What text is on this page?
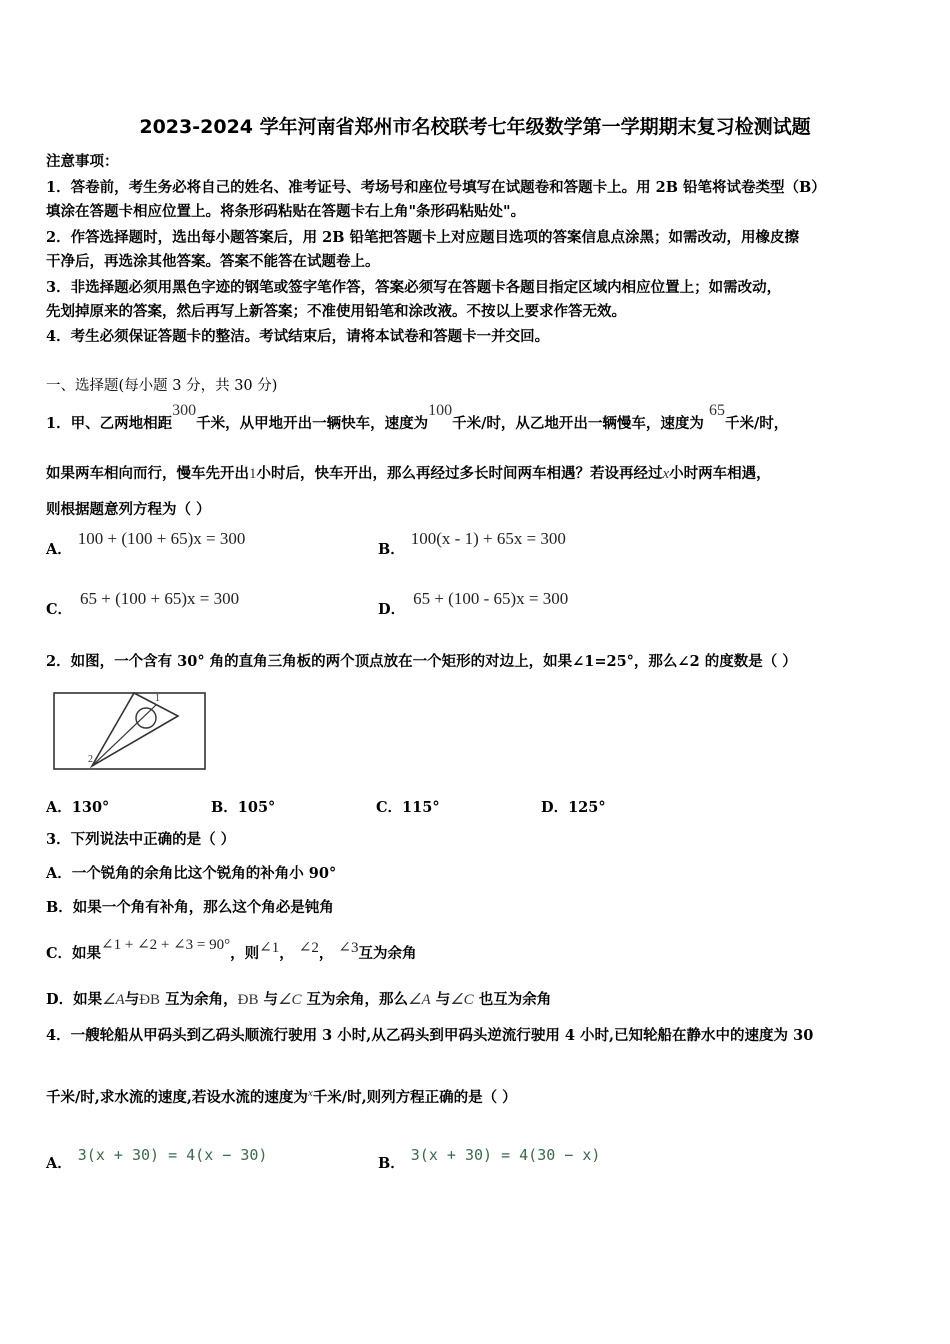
2023-2024 学年河南省郑州市名校联考七年级数学第一学期期末复习检测试题
注意事项：
1．答卷前，考生务必将自己的姓名、准考证号、考场号和座位号填写在试题卷和答题卡上。用 2B 铅笔将试卷类型（B）
填涂在答题卡相应位置上。将条形码粘贴在答题卡右上角"条形码粘贴处"。
2．作答选择题时，选出每小题答案后，用 2B 铅笔把答题卡上对应题目选项的答案信息点涂黑；如需改动，用橡皮擦
干净后，再选涂其他答案。答案不能答在试题卷上。
3．非选择题必须用黑色字迹的钢笔或签字笔作答，答案必须写在答题卡各题目指定区域内相应位置上；如需改动，
先划掉原来的答案，然后再写上新答案；不准使用铅笔和涂改液。不按以上要求作答无效。
4．考生必须保证答题卡的整洁。考试结束后，请将本试卷和答题卡一并交回。
一、选择题(每小题 3 分，共 30 分)
1．甲、乙两地相距300千米，从甲地开出一辆快车，速度为100千米/时，从乙地开出一辆慢车，速度为 65千米/时，
如果两车相向而行，慢车先开出1小时后，快车开出，那么再经过多长时间两车相遇？若设再经过x小时两车相遇，
则根据题意列方程为（ ）
A．100 + (100 + 65)x = 300
B．100(x - 1) + 65x = 300
C．65 + (100 + 65)x = 300
D．65 + (100 - 65)x = 300
2．如图，一个含有 30° 角的直角三角板的两个顶点放在一个矩形的对边上，如果∠1=25°，那么∠2 的度数是（ ）
1
2
A．130°	B．105°	C．115°	D．125°
3．下列说法中正确的是（ ）
A．一个锐角的余角比这个锐角的补角小 90°
B．如果一个角有补角，那么这个角必是钝角
C．如果∠1 + ∠2 + ∠3 = 90°，则∠1， ∠2， ∠3互为余角
D．如果∠A与ÐB 互为余角，ÐB 与∠C 互为余角，那么∠A 与∠C 也互为余角
4．一艘轮船从甲码头到乙码头顺流行驶用 3 小时,从乙码头到甲码头逆流行驶用 4 小时,已知轮船在静水中的速度为 30
千米/时,求水流的速度,若设水流的速度为$^x$千米/时,则列方程正确的是（ ）
A． 3(x + 30) = 4(x − 30)	B． 3(x + 30) = 4(30 − x)
